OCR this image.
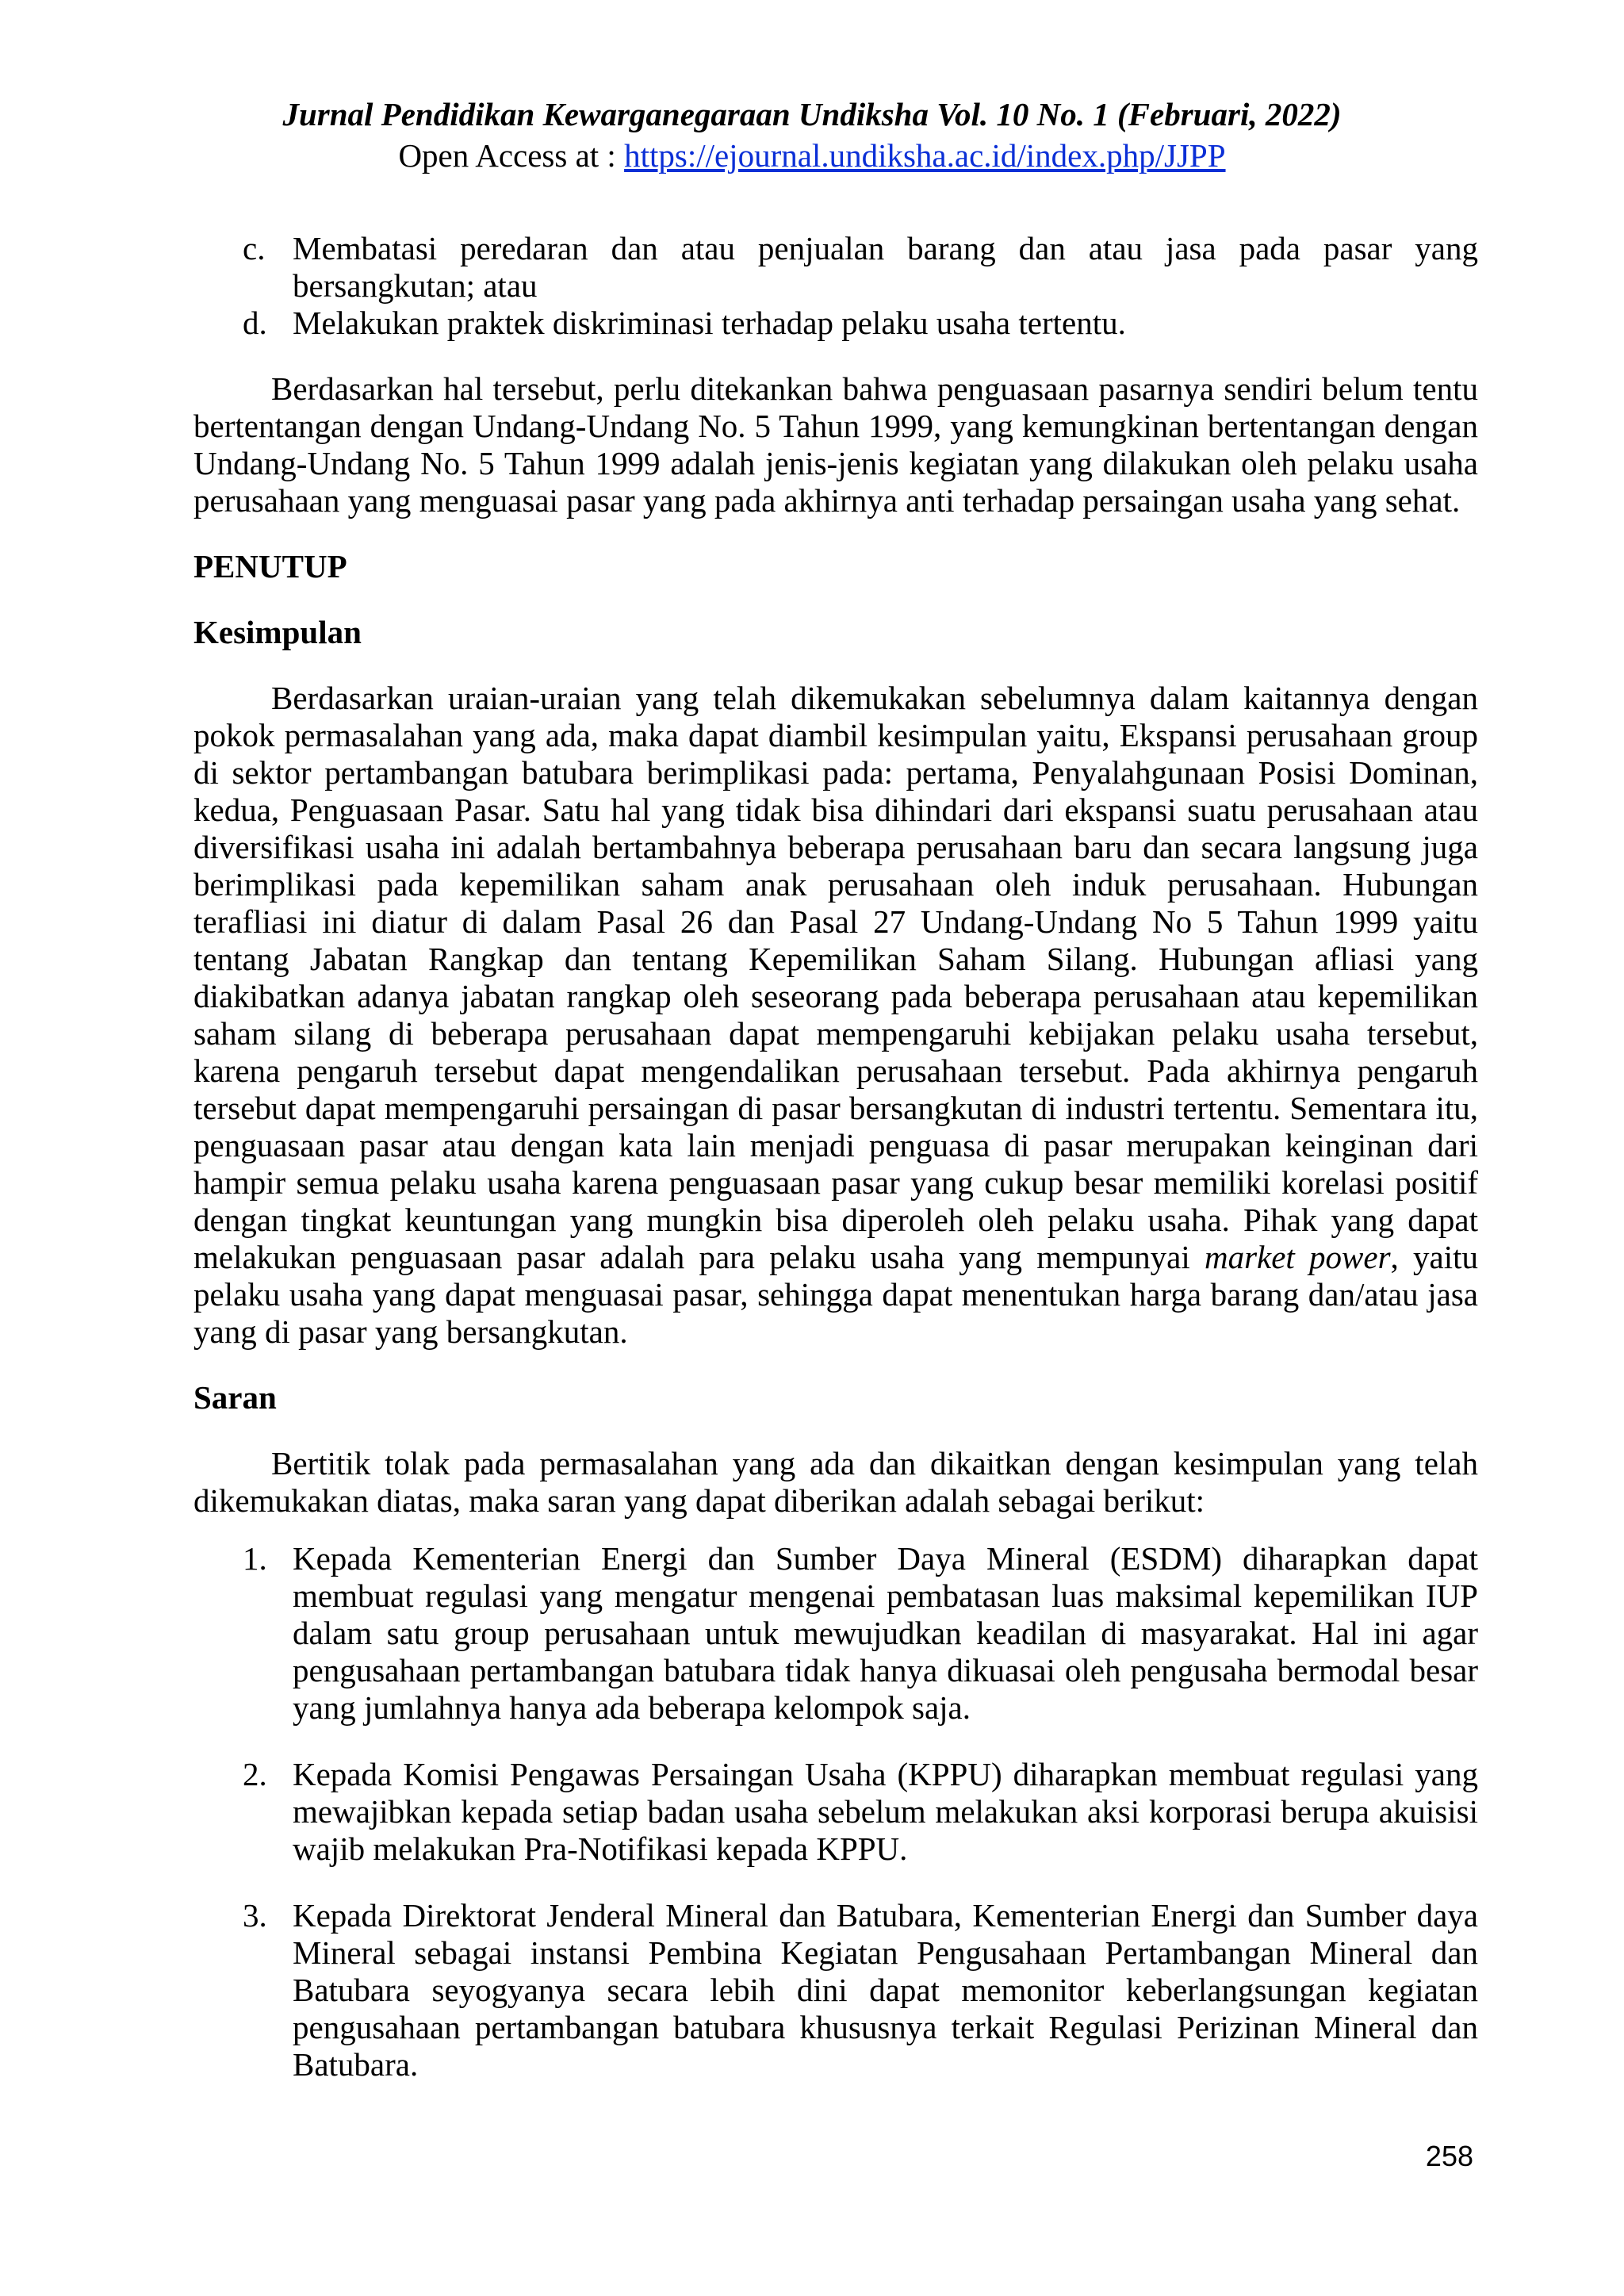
Jurnal Pendidikan Kewarganegaraan Undiksha Vol. 10 No. 1 (Februari, 2022)
Open Access at : https://ejournal.undiksha.ac.id/index.php/JJPP
c. Membatasi peredaran dan atau penjualan barang dan atau jasa pada pasar yang bersangkutan; atau
d. Melakukan praktek diskriminasi terhadap pelaku usaha tertentu.

Berdasarkan hal tersebut, perlu ditekankan bahwa penguasaan pasarnya sendiri belum tentu bertentangan dengan Undang-Undang No. 5 Tahun 1999, yang kemungkinan bertentangan dengan Undang-Undang No. 5 Tahun 1999 adalah jenis-jenis kegiatan yang dilakukan oleh pelaku usaha perusahaan yang menguasai pasar yang pada akhirnya anti terhadap persaingan usaha yang sehat.

PENUTUP
Kesimpulan

Berdasarkan uraian-uraian yang telah dikemukakan sebelumnya dalam kaitannya dengan pokok permasalahan yang ada, maka dapat diambil kesimpulan yaitu, Ekspansi perusahaan group di sektor pertambangan batubara berimplikasi pada: pertama, Penyalahgunaan Posisi Dominan, kedua, Penguasaan Pasar. Satu hal yang tidak bisa dihindari dari ekspansi suatu perusahaan atau diversifikasi usaha ini adalah bertambahnya beberapa perusahaan baru dan secara langsung juga berimplikasi pada kepemilikan saham anak perusahaan oleh induk perusahaan. Hubungan terafliasi ini diatur di dalam Pasal 26 dan Pasal 27 Undang-Undang No 5 Tahun 1999 yaitu tentang Jabatan Rangkap dan tentang Kepemilikan Saham Silang. Hubungan afliasi yang diakibatkan adanya jabatan rangkap oleh seseorang pada beberapa perusahaan atau kepemilikan saham silang di beberapa perusahaan dapat mempengaruhi kebijakan pelaku usaha tersebut, karena pengaruh tersebut dapat mengendalikan perusahaan tersebut. Pada akhirnya pengaruh tersebut dapat mempengaruhi persaingan di pasar bersangkutan di industri tertentu. Sementara itu, penguasaan pasar atau dengan kata lain menjadi penguasa di pasar merupakan keinginan dari hampir semua pelaku usaha karena penguasaan pasar yang cukup besar memiliki korelasi positif dengan tingkat keuntungan yang mungkin bisa diperoleh oleh pelaku usaha. Pihak yang dapat melakukan penguasaan pasar adalah para pelaku usaha yang mempunyai market power, yaitu pelaku usaha yang dapat menguasai pasar, sehingga dapat menentukan harga barang dan/atau jasa yang di pasar yang bersangkutan.

Saran

Bertitik tolak pada permasalahan yang ada dan dikaitkan dengan kesimpulan yang telah dikemukakan diatas, maka saran yang dapat diberikan adalah sebagai berikut:

1. Kepada Kementerian Energi dan Sumber Daya Mineral (ESDM) diharapkan dapat membuat regulasi yang mengatur mengenai pembatasan luas maksimal kepemilikan IUP dalam satu group perusahaan untuk mewujudkan keadilan di masyarakat. Hal ini agar pengusahaan pertambangan batubara tidak hanya dikuasai oleh pengusaha bermodal besar yang jumlahnya hanya ada beberapa kelompok saja.
2. Kepada Komisi Pengawas Persaingan Usaha (KPPU) diharapkan membuat regulasi yang mewajibkan kepada setiap badan usaha sebelum melakukan aksi korporasi berupa akuisisi wajib melakukan Pra-Notifikasi kepada KPPU.
3. Kepada Direktorat Jenderal Mineral dan Batubara, Kementerian Energi dan Sumber daya Mineral sebagai instansi Pembina Kegiatan Pengusahaan Pertambangan Mineral dan Batubara seyogyanya secara lebih dini dapat memonitor keberlangsungan kegiatan pengusahaan pertambangan batubara khususnya terkait Regulasi Perizinan Mineral dan Batubara.
258
